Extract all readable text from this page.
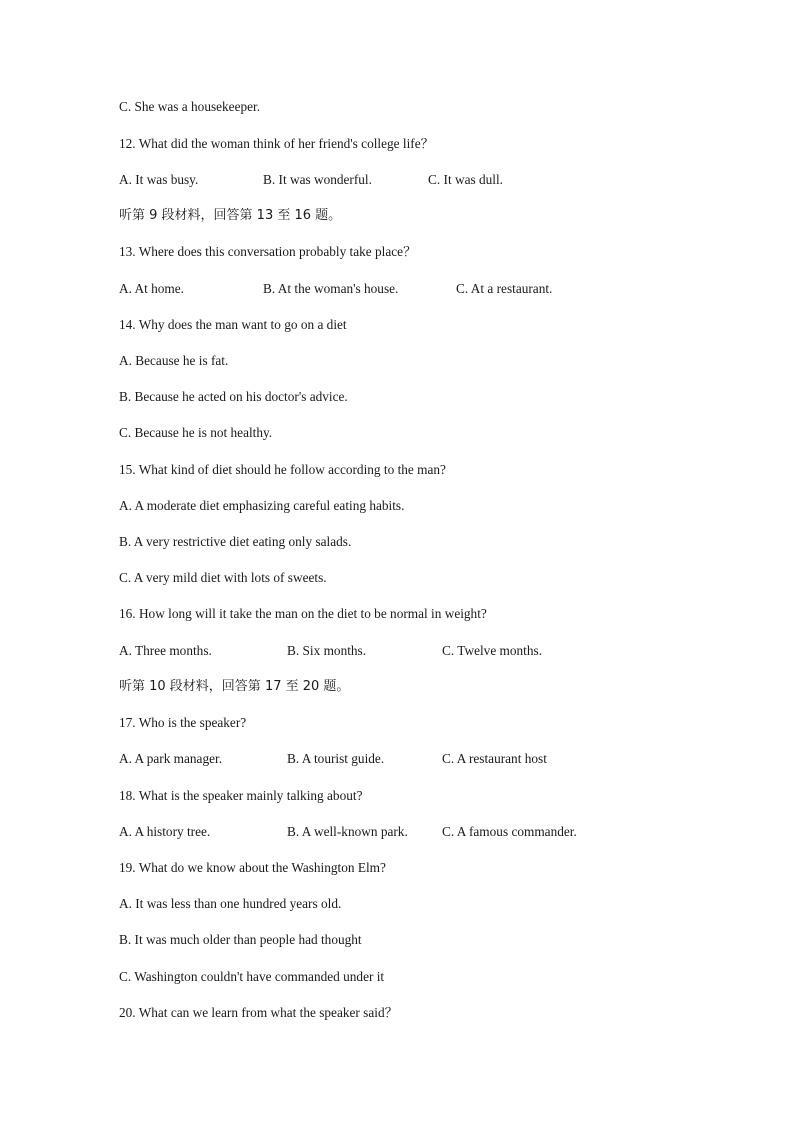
C. She was a housekeeper.
12. What did the woman think of her friend's college life？
A. It was busy.	B. It was wonderful.	C. It was dull.
听第 9 段材料，回答第 13 至 16 题。
13. Where does this conversation probably take place？
A. At home.	B. At the woman's house.	C. At a restaurant.
14. Why does the man want to go on a diet
A. Because he is fat.
B. Because he acted on his doctor's advice.
C. Because he is not healthy.
15. What kind of diet should he follow according to the man?
A. A moderate diet emphasizing careful eating habits.
B. A very restrictive diet eating only salads.
C. A very mild diet with lots of sweets.
16. How long will it take the man on the diet to be normal in weight?
A. Three months.	B. Six months.	C. Twelve months.
听第 10 段材料，回答第 17 至 20 题。
17. Who is the speaker?
A. A park manager.	B. A tourist guide.	C. A restaurant host
18. What is the speaker mainly talking about?
A. A history tree.	B. A well-known park.	C. A famous commander.
19. What do we know about the Washington Elm?
A. It was less than one hundred years old.
B. It was much older than people had thought
C. Washington couldn't have commanded under it
20. What can we learn from what the speaker said？
